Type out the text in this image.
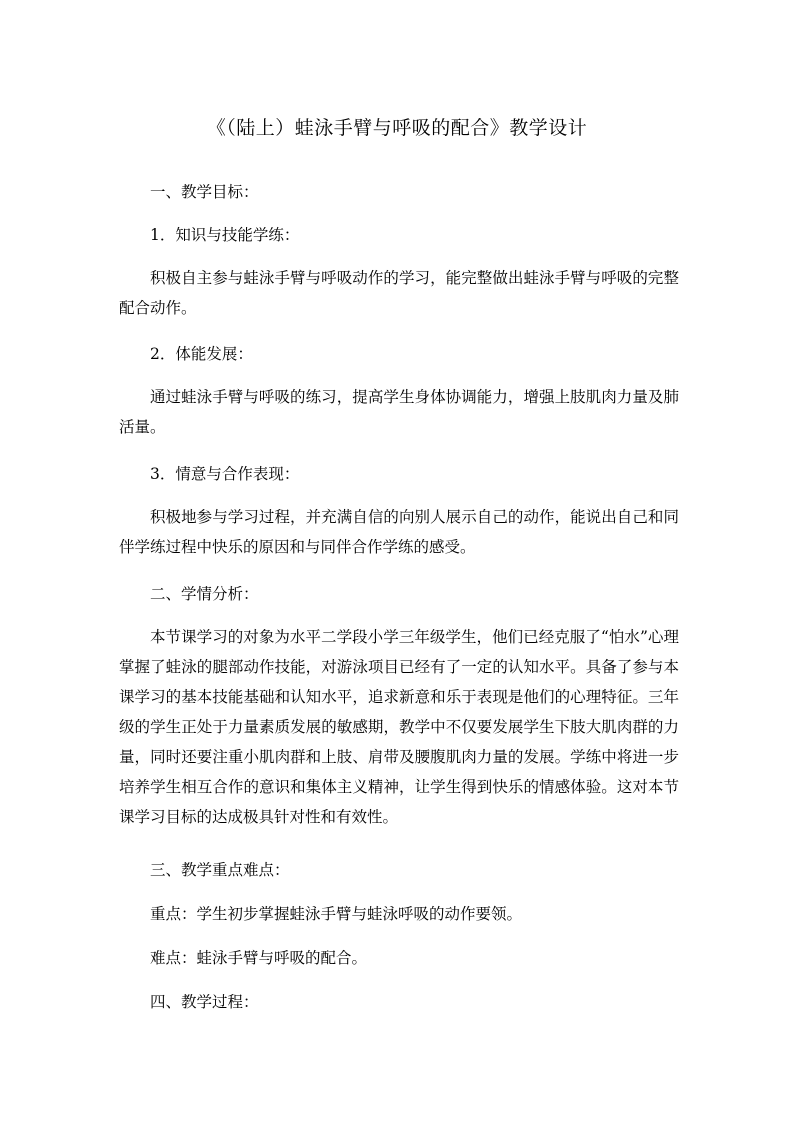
《（陆上）蛙泳手臂与呼吸的配合》教学设计
一、教学目标：
1．知识与技能学练：
积极自主参与蛙泳手臂与呼吸动作的学习，能完整做出蛙泳手臂与呼吸的完整配合动作。
2．体能发展：
通过蛙泳手臂与呼吸的练习，提高学生身体协调能力，增强上肢肌肉力量及肺活量。
3．情意与合作表现：
积极地参与学习过程，并充满自信的向别人展示自己的动作，能说出自己和同伴学练过程中快乐的原因和与同伴合作学练的感受。
二、学情分析：
本节课学习的对象为水平二学段小学三年级学生，他们已经克服了“怕水”心理掌握了蛙泳的腿部动作技能，对游泳项目已经有了一定的认知水平。具备了参与本课学习的基本技能基础和认知水平，追求新意和乐于表现是他们的心理特征。三年级的学生正处于力量素质发展的敏感期，教学中不仅要发展学生下肢大肌肉群的力量，同时还要注重小肌肉群和上肢、肩带及腰腹肌肉力量的发展。学练中将进一步培养学生相互合作的意识和集体主义精神，让学生得到快乐的情感体验。这对本节课学习目标的达成极具针对性和有效性。
三、教学重点难点：
重点：学生初步掌握蛙泳手臂与蛙泳呼吸的动作要领。
难点：蛙泳手臂与呼吸的配合。
四、教学过程：
